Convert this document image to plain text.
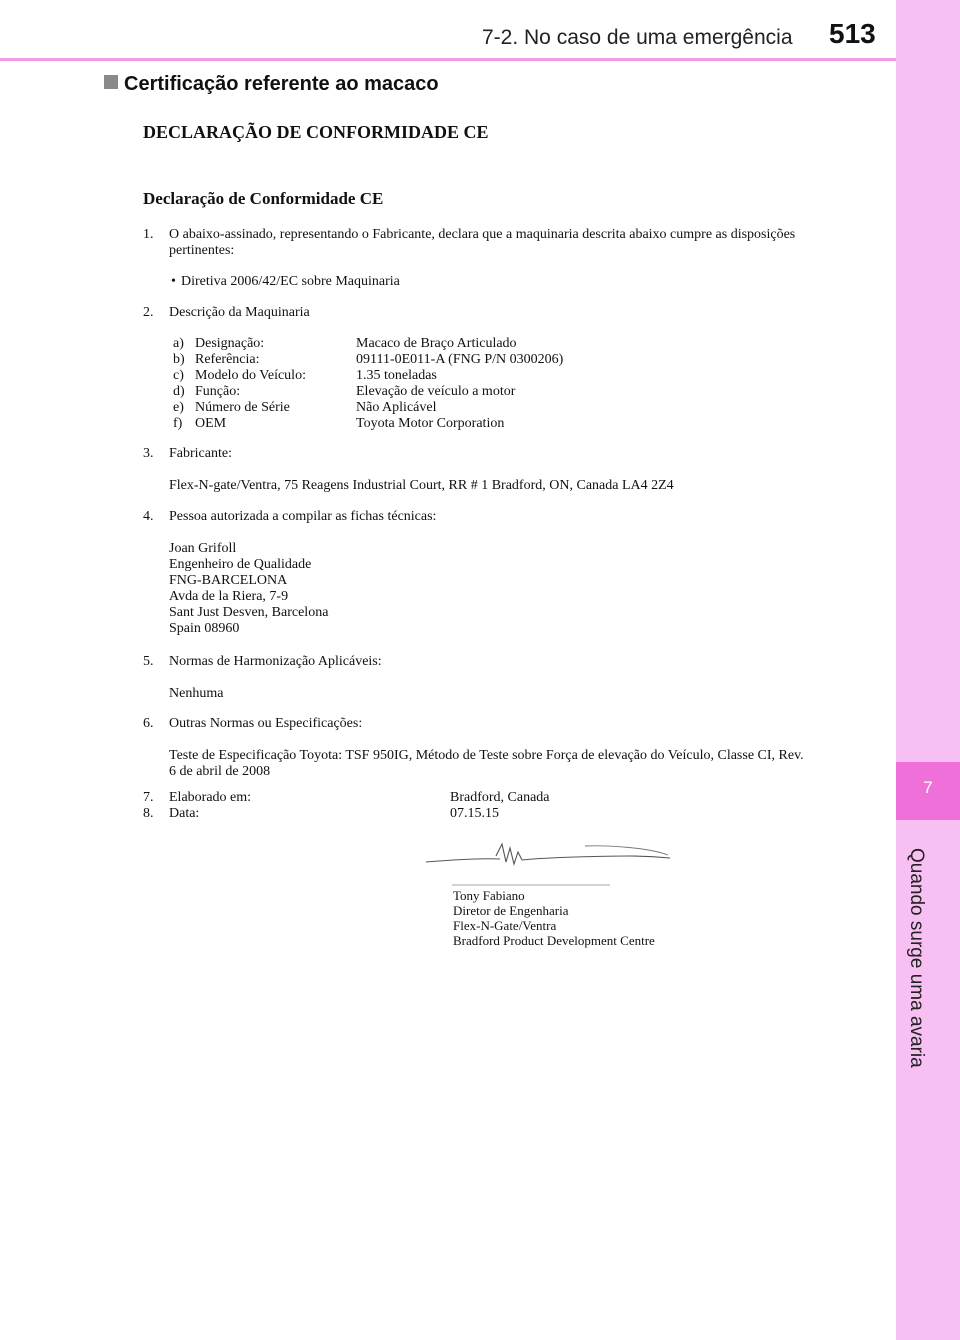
7
Quando surge uma avaria
7-2. No caso de uma emergência 513
Certificação referente ao macaco
DECLARAÇÃO DE CONFORMIDADE CE
Declaração de Conformidade CE
1. O abaixo-assinado, representando o Fabricante, declara que a maquinaria descrita abaixo cumpre as disposições
pertinentes:
• Diretiva 2006/42/EC sobre Maquinaria
2. Descrição da Maquinaria
a) Designação:	Macaco de Braço Articulado
b) Referência:	09111-0E011-A (FNG P/N 0300206)
c) Modelo do Veículo:	1.35 toneladas
d) Função:	Elevação de veículo a motor
e) Número de Série	Não Aplicável
f) OEM	Toyota Motor Corporation
3. Fabricante:
Flex-N-gate/Ventra, 75 Reagens Industrial Court, RR # 1 Bradford, ON, Canada LA4 2Z4
4. Pessoa autorizada a compilar as fichas técnicas:
Joan Grifoll
Engenheiro de Qualidade
FNG-BARCELONA
Avda de la Riera, 7-9
Sant Just Desven, Barcelona
Spain 08960
5. Normas de Harmonização Aplicáveis:
Nenhuma
6. Outras Normas ou Especificações:
Teste de Especificação Toyota: TSF 950IG, Método de Teste sobre Força de elevação do Veículo, Classe CI, Rev.
6 de abril de 2008
7. Elaborado em:	Bradford, Canada
8. Data:	07.15.15
Tony Fabiano
Diretor de Engenharia
Flex-N-Gate/Ventra
Bradford Product Development Centre
